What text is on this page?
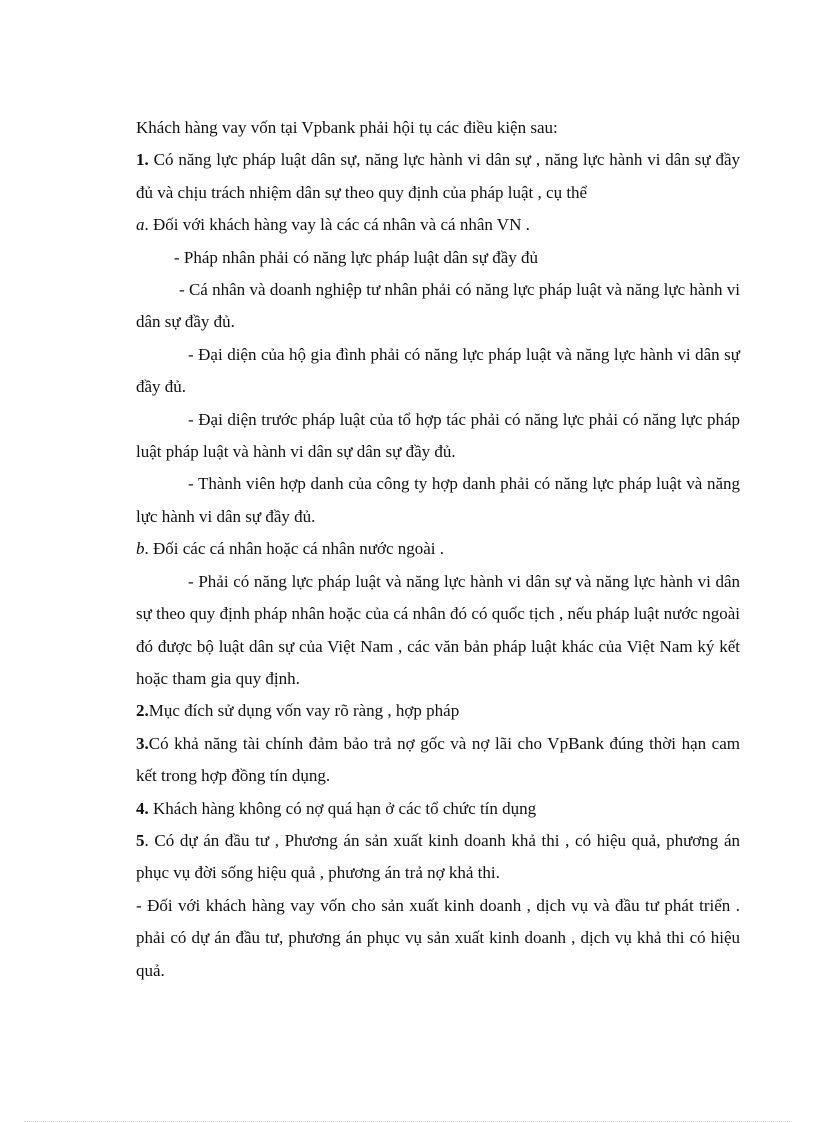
Khách hàng vay vốn tại Vpbank phải hội tụ các điều kiện sau:

1. Có năng lực pháp luật dân sự, năng lực hành vi dân sự , năng lực hành vi dân sự đầy đủ và chịu trách nhiệm dân sự theo quy định của pháp luật , cụ thể

a. Đối với khách hàng vay là các cá nhân và cá nhân VN .

- Pháp nhân phải có năng lực pháp luật dân sự đầy đủ

- Cá nhân và doanh nghiệp tư nhân phải có năng lực pháp luật và năng lực hành vi dân sự đầy đủ.

- Đại diện của hộ gia đình phải có năng lực pháp luật và năng lực hành vi dân sự đầy đủ.

- Đại diện trước pháp luật của tổ hợp tác phải có năng lực phải có năng lực pháp luật pháp luật và hành vi dân sự dân sự đầy đủ.

- Thành viên hợp danh của công ty hợp danh phải có năng lực pháp luật và năng lực hành vi dân sự đầy đủ.

b. Đối các cá nhân hoặc cá nhân nước ngoài .

- Phải có năng lực pháp luật và năng lực hành vi dân sự và năng lực hành vi dân sự theo quy định pháp nhân hoặc của cá nhân đó có quốc tịch , nếu pháp luật nước ngoài đó được bộ luật dân sự của Việt Nam , các văn bản pháp luật khác của Việt Nam ký kết hoặc tham gia quy định.

2.Mục đích sử dụng vốn vay rõ ràng , hợp pháp

3.Có khả năng tài chính đảm bảo trả nợ gốc và nợ lãi cho VpBank đúng thời hạn cam kết trong hợp đồng tín dụng.

4. Khách hàng không có nợ quá hạn ở các tổ chức tín dụng

5. Có dự án đầu tư , Phương án sản xuất kinh doanh khả thi , có hiệu quả, phương án phục vụ đời sống hiệu quả , phương án trả nợ khả thi.

- Đối với khách hàng vay vốn cho sản xuất kinh doanh , dịch vụ và đầu tư phát triển . phải có dự án đầu tư, phương án phục vụ sản xuất kinh doanh , dịch vụ khả thi có hiệu quả.
